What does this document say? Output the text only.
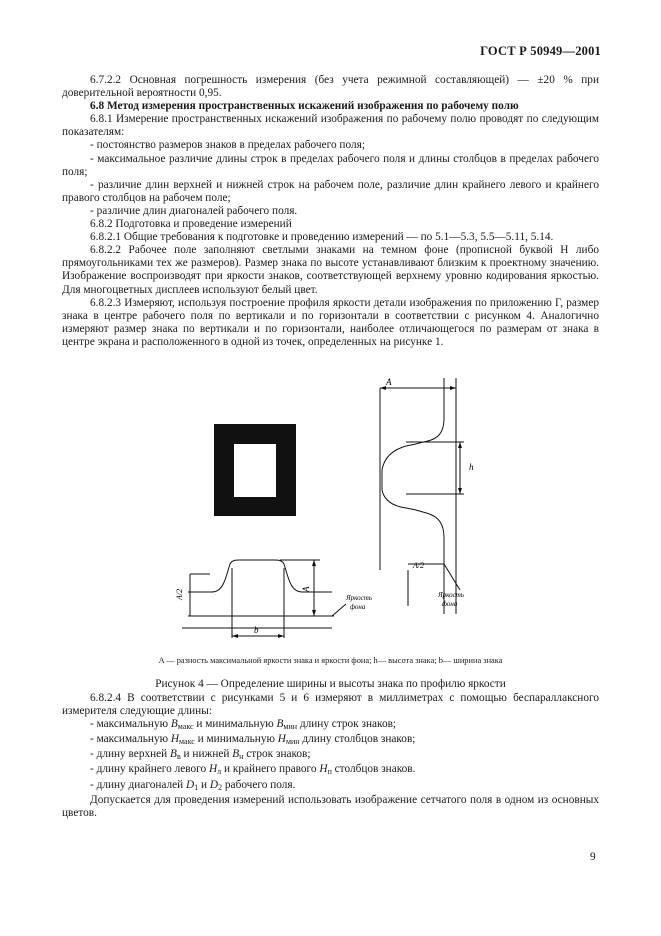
ГОСТ Р 50949—2001

6.7.2.2 Основная погрешность измерения (без учета режимной составляющей) — ±20 % при доверительной вероятности 0,95.

6.8 Метод измерения пространственных искажений изображения по рабочему полю

6.8.1 Измерение пространственных искажений изображения по рабочему полю проводят по следующим показателям:

- постоянство размеров знаков в пределах рабочего поля;

- максимальное различие длины строк в пределах рабочего поля и длины столбцов в пределах рабочего поля;

- различие длин верхней и нижней строк на рабочем поле, различие длин крайнего левого и крайнего правого столбцов на рабочем поле;

- различие длин диагоналей рабочего поля.

6.8.2 Подготовка и проведение измерений

6.8.2.1 Общие требования к подготовке и проведению измерений — по 5.1—5.3, 5.5—5.11, 5.14.

6.8.2.2 Рабочее поле заполняют светлыми знаками на темном фоне (прописной буквой Н либо прямоугольниками тех же размеров). Размер знака по высоте устанавливают близким к проектному значению. Изображение воспроизводят при яркости знаков, соответствующей верхнему уровню кодирования яркостью. Для многоцветных дисплеев используют белый цвет.

6.8.2.3 Измеряют, используя построение профиля яркости детали изображения по приложению Г, размер знака в центре рабочего поля по вертикали и по горизонтали в соответствии с рисунком 4. Аналогично измеряют размер знака по вертикали и по горизонтали, наиболее отличающегося по размерам от знака в центре экрана и расположенного в одной из точек, определенных на рисунке 1.

A
h
A/2
Яркость
фона
A/2	A
b
Яркость
фона
A — разность максимальной яркости знака и яркости фона; h— высота знака; b— ширина знака
Рисунок 4 — Определение ширины и высоты знака по профилю яркости

6.8.2.4 В соответствии с рисунками 5 и 6 измеряют в миллиметрах с помощью беспараллаксного измерителя следующие длины:

- максимальную $B_{макс}$ и минимальную $B_{мин}$ длину строк знаков;

- максимальную $H_{макс}$ и минимальную $H_{мин}$ длину столбцов знаков;

- длину верхней $B_в$ и нижней $B_н$ строк знаков;

- длину крайнего левого $H_л$ и крайнего правого $H_п$ столбцов знаков.

- длину диагоналей $D_1$ и $D_2$ рабочего поля.

Допускается для проведения измерений использовать изображение сетчатого поля в одном из основных цветов.

9
